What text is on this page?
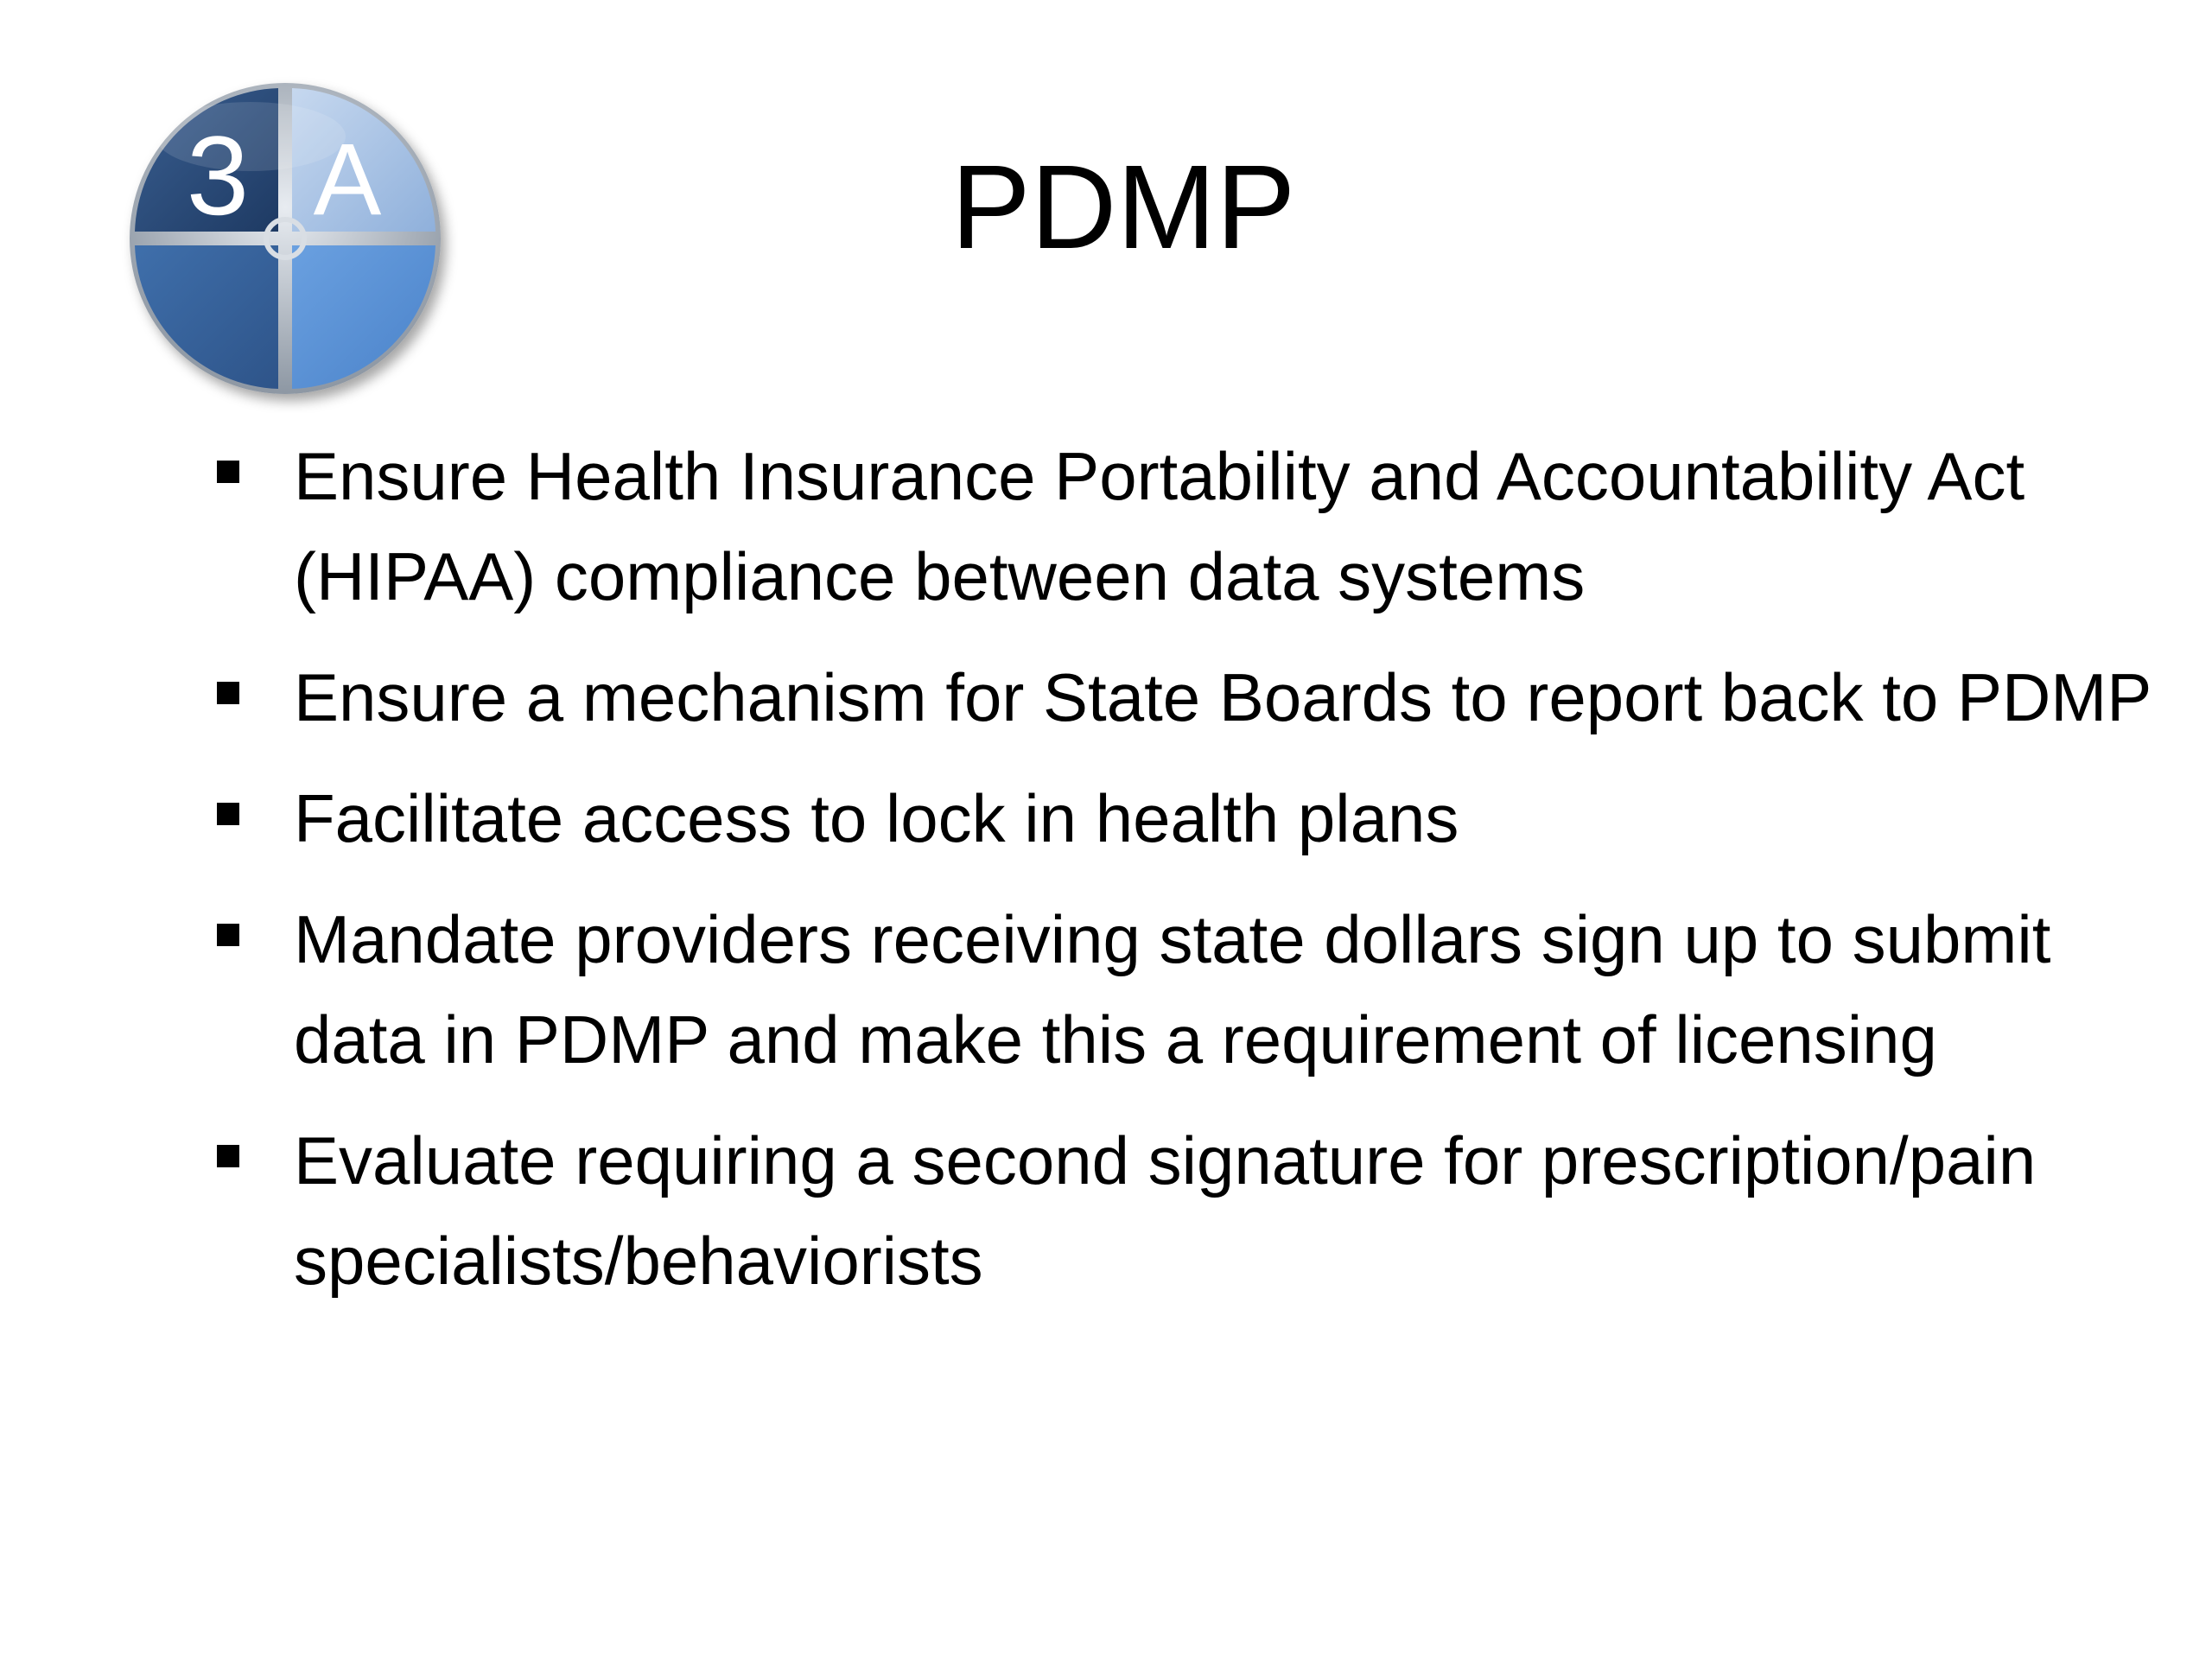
3 A	PDMP
Ensure Health Insurance Portability and Accountability Act (HIPAA) compliance between data systems
Ensure a mechanism for State Boards to report back to PDMP
Facilitate access to lock in health plans
Mandate providers receiving state dollars sign up to submit data in PDMP and make this a requirement of licensing
Evaluate requiring a second signature for prescription/pain specialists/behaviorists
